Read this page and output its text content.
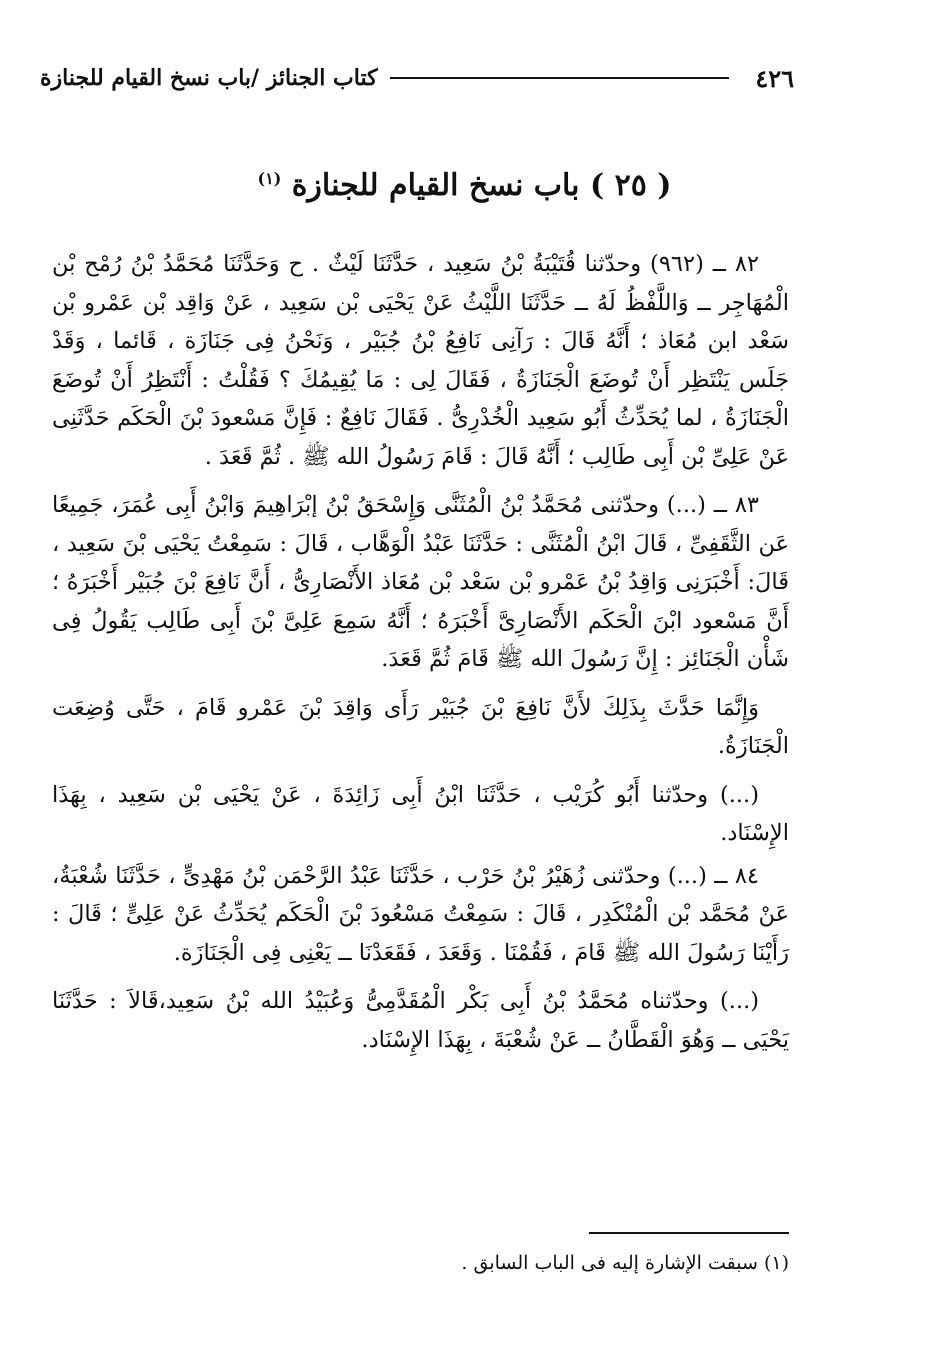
٤٢٦
كتاب الجنائز /باب نسخ القيام للجنازة
( ٢٥ ) باب نسخ القيام للجنازة $^{(١)}$

٨٢ ــ (٩٦٢) وحدّثنا قُتَيْبَةُ بْنُ سَعِيد ، حَدَّثَنَا لَيْثٌ . ح وَحَدَّثَنَا مُحَمَّدُ بْنُ رُمْح بْن الْمُهَاجِر ــ وَاللَّفْظُ لَهُ ــ حَدَّثَنَا اللَّيْثُ عَنْ يَحْيَى بْن سَعِيد ، عَنْ وَاقِد بْن عَمْرو بْن سَعْد ابن مُعَاذ ؛ أَنَّهُ قَالَ : رَآنِى نَافِعُ بْنُ جُبَيْر ، وَنَحْنُ فِى جَنَازَة ، قَائما ، وَقَدْ جَلَس يَنْتَظِر أَنْ تُوضَعَ الْجَنَازَةُ ، فَقَالَ لِى : مَا يُقِيمُكَ ؟ فَقُلْتُ : أَنْتَظِرُ أَنْ تُوضَعَ الْجَنَازَةُ ، لما يُحَدِّثُ أَبُو سَعِيد الْخُدْرِىُّ . فَقَالَ نَافِعٌ : فَإِنَّ مَسْعودَ بْنَ الْحَكَم حَدَّثَنِى عَنْ عَلِىِّ بْن أَبِى طَالِب ؛ أَنَّهُ قَالَ : قَامَ رَسُولُ الله ﷺ . ثُمَّ قَعَدَ .

٨٣ ــ (...) وحدّثنى مُحَمَّدُ بْنُ الْمُثَنَّى وَإِسْحَقُ بْنُ إبْرَاهِيمَ وَابْنُ أَبِى عُمَرَ، جَمِيعًا عَن الثَّقَفِىِّ ، قَالَ ابْنُ الْمُثَنَّى : حَدَّثَنَا عَبْدُ الْوَهَّاب ، قَالَ : سَمِعْتُ يَحْيَى بْنَ سَعِيد ، قَالَ: أَخْبَرَنِى وَاقِدُ بْنُ عَمْرو بْن سَعْد بْن مُعَاذ الأَنْصَارِىُّ ، أَنَّ نَافِعَ بْنَ جُبَيْر أَخْبَرَهُ ؛ أَنَّ مَسْعود ابْنَ الْحَكَم الأَنْصَارِىَّ أَخْبَرَهُ ؛ أَنَّهُ سَمِعَ عَلِىَّ بْنَ أَبِى طَالِب يَقُولُ فِى شَأْن الْجَنَائِز : إِنَّ رَسُولَ الله ﷺ قَامَ ثُمَّ قَعَدَ.

وَإِنَّمَا حَدَّثَ بِذَلِكَ لأَنَّ نَافِعَ بْنَ جُبَيْر رَأَى وَاقِدَ بْنَ عَمْرو قَامَ ، حَتَّى وُضِعَت الْجَنَازَةُ.

(...) وحدّثنا أَبُو كُرَيْب ، حَدَّثَنَا ابْنُ أَبِى زَائِدَةَ ، عَنْ يَحْيَى بْن سَعِيد ، بِهَذَا الإِسْنَاد.

٨٤ ــ (...) وحدّثنى زُهَيْرُ بْنُ حَرْب ، حَدَّثَنَا عَبْدُ الرَّحْمَن بْنُ مَهْدِىٍّ ، حَدَّثَنَا شُعْبَةُ، عَنْ مُحَمَّد بْن الْمُنْكَدِر ، قَالَ : سَمِعْتُ مَسْعُودَ بْنَ الْحَكَم يُحَدِّثُ عَنْ عَلِىٍّ ؛ قَالَ : رَأَيْنَا رَسُولَ الله ﷺ قَامَ ، فَقُمْنَا . وَقَعَدَ ، فَقَعَدْنَا ــ يَعْنِى فِى الْجَنَازَة.

(...) وحدّثناه مُحَمَّدُ بْنُ أَبِى بَكْر الْمُقَدَّمِىُّ وَعُبَيْدُ الله بْنُ سَعِيد،قَالاَ : حَدَّثَنَا يَحْيَى ــ وَهُوَ الْقَطَّانُ ــ عَنْ شُعْبَةَ ، بِهَذَا الإِسْنَاد.

(١) سبقت الإشارة إليه فى الباب السابق .
